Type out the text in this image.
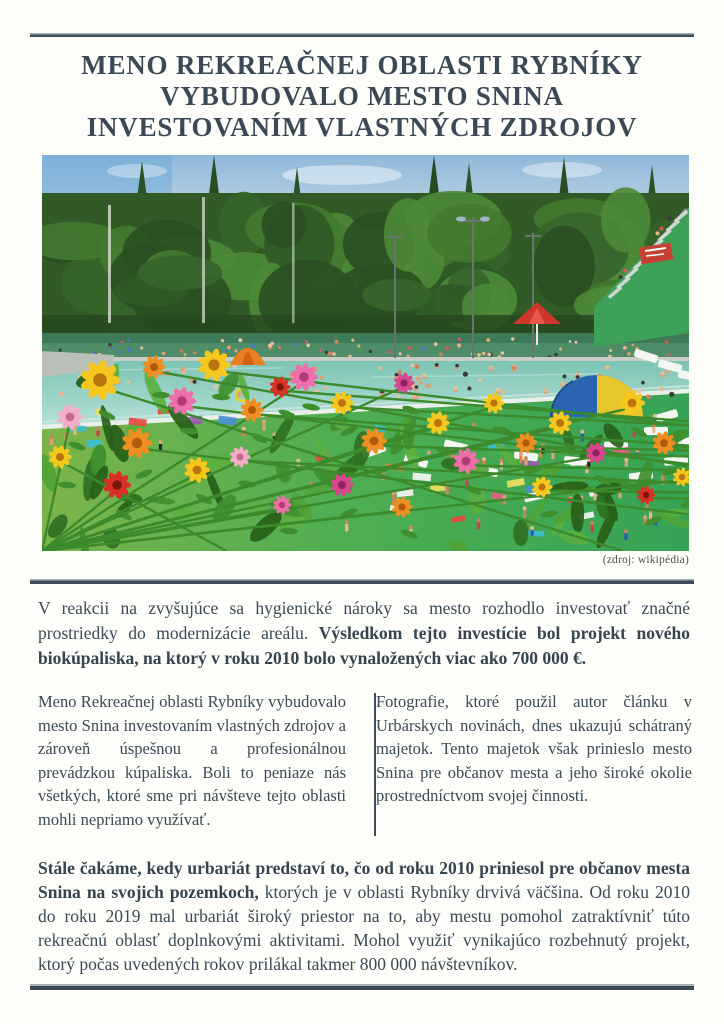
MENO REKREAČNEJ OBLASTI RYBNÍKY
VYBUDOVALO MESTO SNINA
INVESTOVANÍM VLASTNÝCH ZDROJOV
(zdroj: wikipédia)

V reakcii na zvyšujúce sa hygienické nároky sa mesto rozhodlo investovať značné prostriedky do modernizácie areálu. Výsledkom tejto investície bol projekt nového biokúpaliska, na ktorý v roku 2010 bolo vynaložených viac ako 700 000 €.

Meno Rekreačnej oblasti Rybníky vybudovalo mesto Snina investovaním vlastných zdrojov a zároveň úspešnou a profesionálnou prevádzkou kúpaliska. Boli to peniaze nás všetkých, ktoré sme pri návšteve tejto oblasti mohli nepriamo využívať.

Fotografie, ktoré použil autor článku v Urbárskych novinách, dnes ukazujú schátraný majetok. Tento majetok však prinieslo mesto Snina pre občanov mesta a jeho široké okolie prostredníctvom svojej činnosti.

Stále čakáme, kedy urbariát predstaví to, čo od roku 2010 priniesol pre občanov mesta Snina na svojich pozemkoch, ktorých je v oblasti Rybníky drvivá väčšina. Od roku 2010 do roku 2019 mal urbariát široký priestor na to, aby mestu pomohol zatraktívniť túto rekreačnú oblasť doplnkovými aktivitami. Mohol využiť vynikajúco rozbehnutý projekt, ktorý počas uvedených rokov prilákal takmer 800 000 návštevníkov.
